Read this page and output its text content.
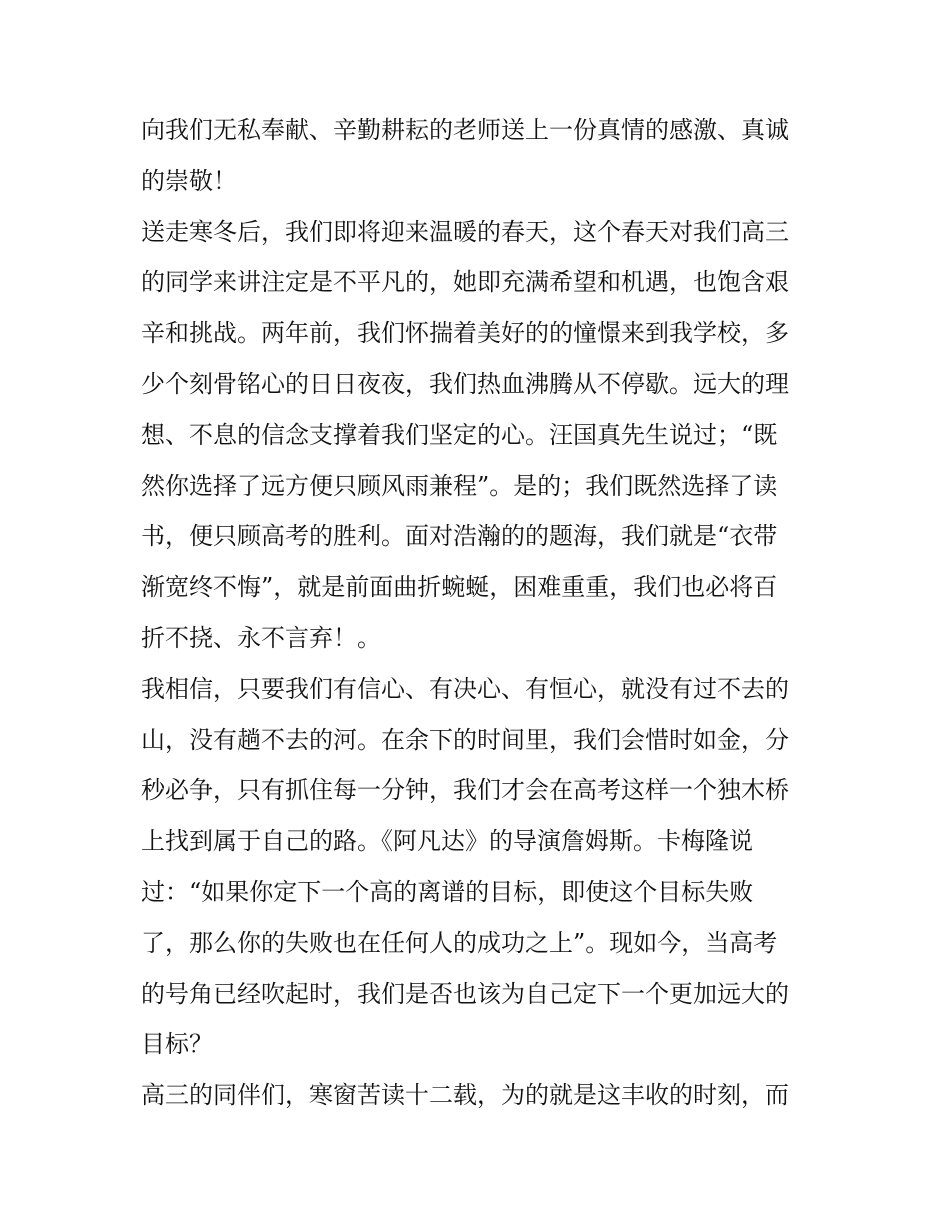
向我们无私奉献、辛勤耕耘的老师送上一份真情的感激、真诚
的崇敬！
送走寒冬后，我们即将迎来温暖的春天，这个春天对我们高三
的同学来讲注定是不平凡的，她即充满希望和机遇，也饱含艰
辛和挑战。两年前，我们怀揣着美好的的憧憬来到我学校，多
少个刻骨铭心的日日夜夜，我们热血沸腾从不停歇。远大的理
想、不息的信念支撑着我们坚定的心。汪国真先生说过；“既
然你选择了远方便只顾风雨兼程”。是的；我们既然选择了读
书，便只顾高考的胜利。面对浩瀚的的题海，我们就是“衣带
渐宽终不悔”，就是前面曲折蜿蜒，困难重重，我们也必将百
折不挠、永不言弃！。
我相信，只要我们有信心、有决心、有恒心，就没有过不去的
山，没有趟不去的河。在余下的时间里，我们会惜时如金，分
秒必争，只有抓住每一分钟，我们才会在高考这样一个独木桥
上找到属于自己的路。《阿凡达》的导演詹姆斯。卡梅隆说
过：“如果你定下一个高的离谱的目标，即使这个目标失败
了，那么你的失败也在任何人的成功之上”。现如今，当高考
的号角已经吹起时，我们是否也该为自己定下一个更加远大的
目标？
高三的同伴们，寒窗苦读十二载，为的就是这丰收的时刻，而
